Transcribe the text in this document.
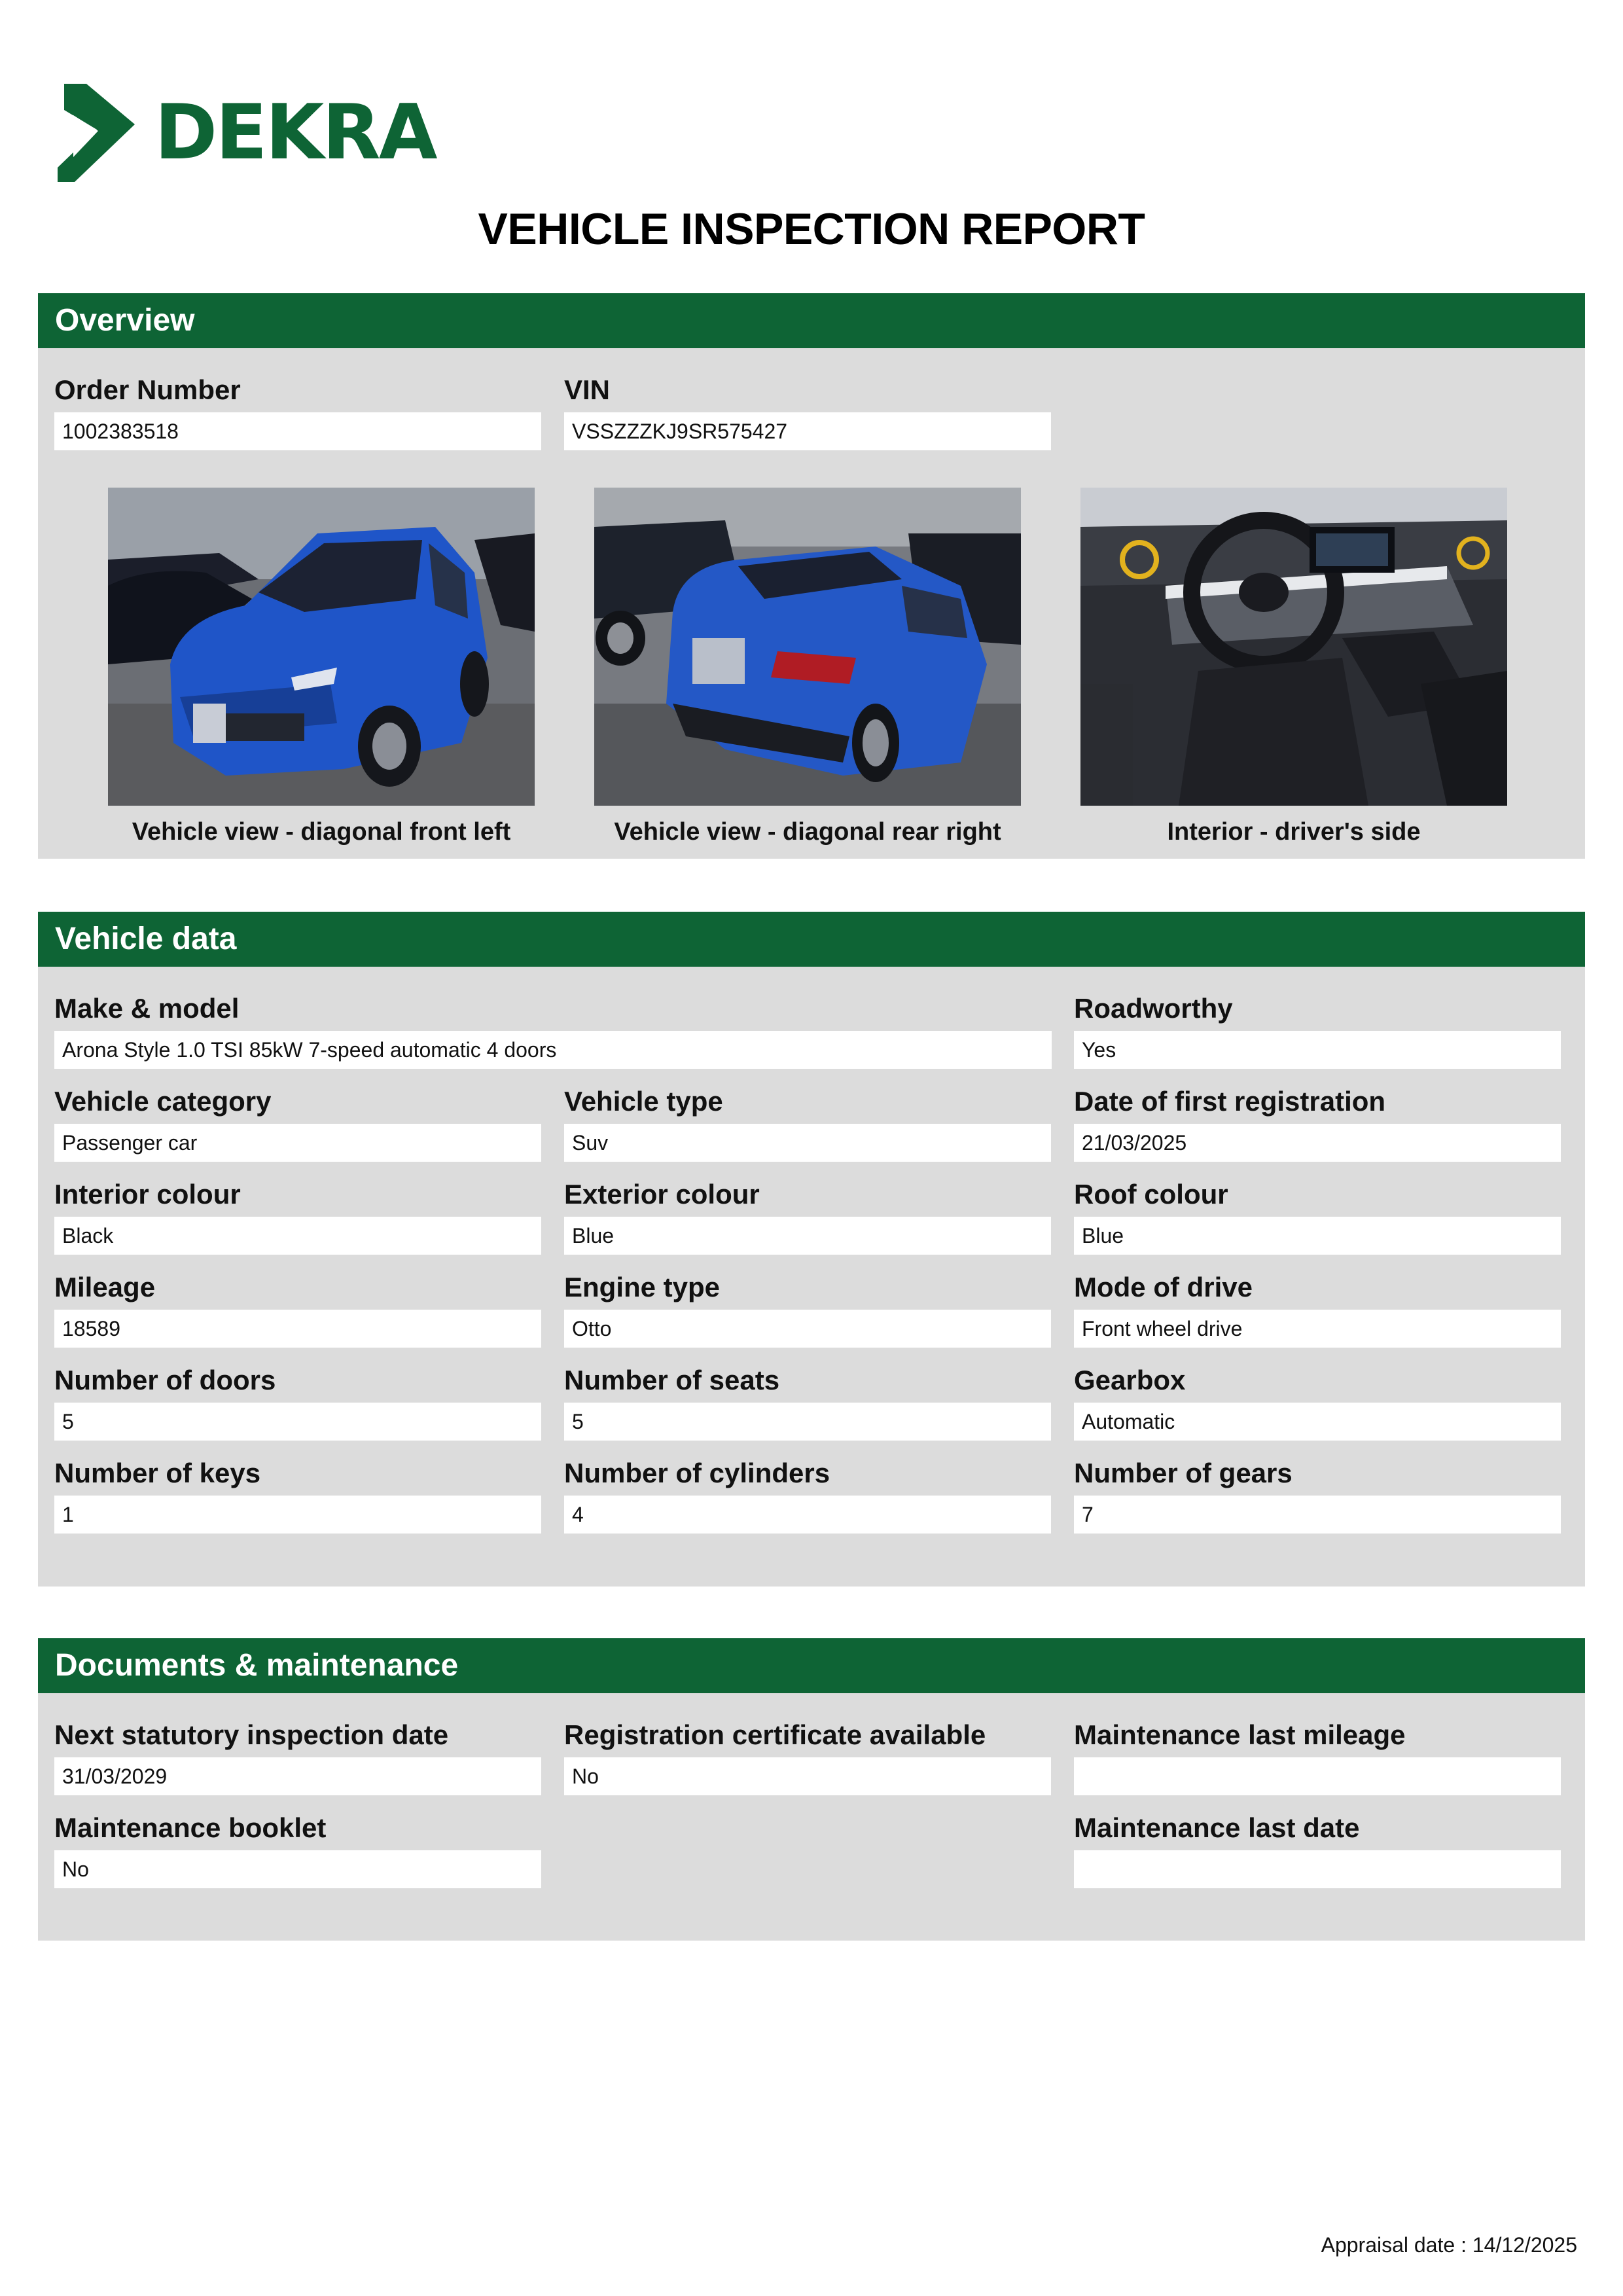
DEKRA
VEHICLE INSPECTION REPORT
Overview
Order Number
1002383518
VIN
VSSZZZKJ9SR575427
Vehicle view - diagonal front left	Vehicle view - diagonal rear right	Interior - driver's side
Vehicle data
Make & model
Arona Style 1.0 TSI 85kW 7-speed automatic 4 doors
Roadworthy
Yes
Vehicle category
Passenger car
Vehicle type
Suv
Date of first registration
21/03/2025
Interior colour
Black
Exterior colour
Blue
Roof colour
Blue
Mileage
18589
Engine type
Otto
Mode of drive
Front wheel drive
Number of doors
5
Number of seats
5
Gearbox
Automatic
Number of keys
1
Number of cylinders
4
Number of gears
7
Documents & maintenance
Next statutory inspection date
31/03/2029
Registration certificate available
No
Maintenance last mileage
Maintenance booklet
No
Maintenance last date
Appraisal date : 14/12/2025
